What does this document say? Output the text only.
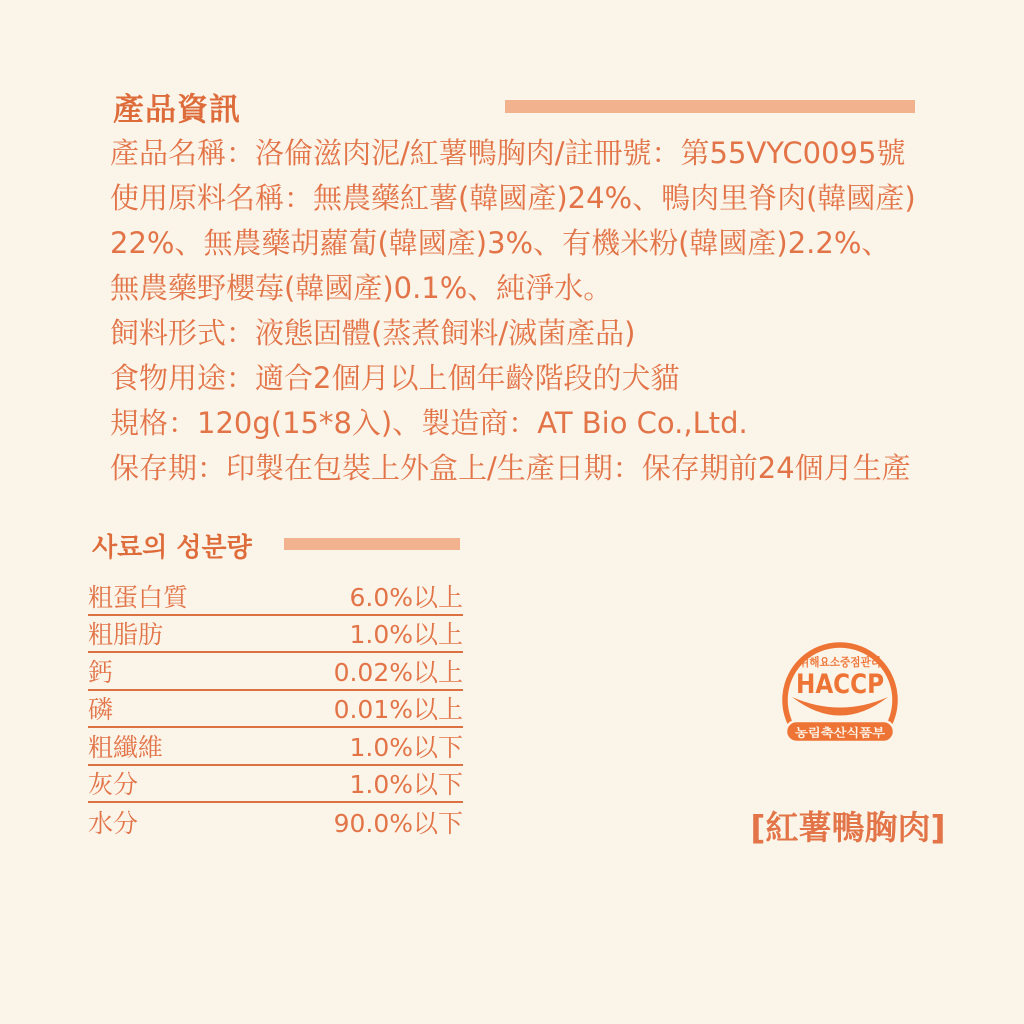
產品資訊
產品名稱：洛倫滋肉泥/紅薯鴨胸肉/註冊號：第55VYC0095號
使用原料名稱：無農藥紅薯(韓國產)24%、鴨肉里脊肉(韓國產)
22%、無農藥胡蘿蔔(韓國產)3%、有機米粉(韓國產)2.2%、
無農藥野櫻莓(韓國產)0.1%、純淨水。
飼料形式：液態固體(蒸煮飼料/滅菌產品)
食物用途：適合2個月以上個年齡階段的犬貓
規格：120g(15*8入)、製造商：AT Bio Co.,Ltd.
保存期：印製在包裝上外盒上/生產日期：保存期前24個月生產
사료의 성분량
粗蛋白質	6.0%以上
粗脂肪	1.0%以上
鈣	0.02%以上
磷	0.01%以上
粗纖維	1.0%以下
灰分	1.0%以下
水分	90.0%以下
위해요소중점관리
HACCP
농림축산식품부
[紅薯鴨胸肉]
